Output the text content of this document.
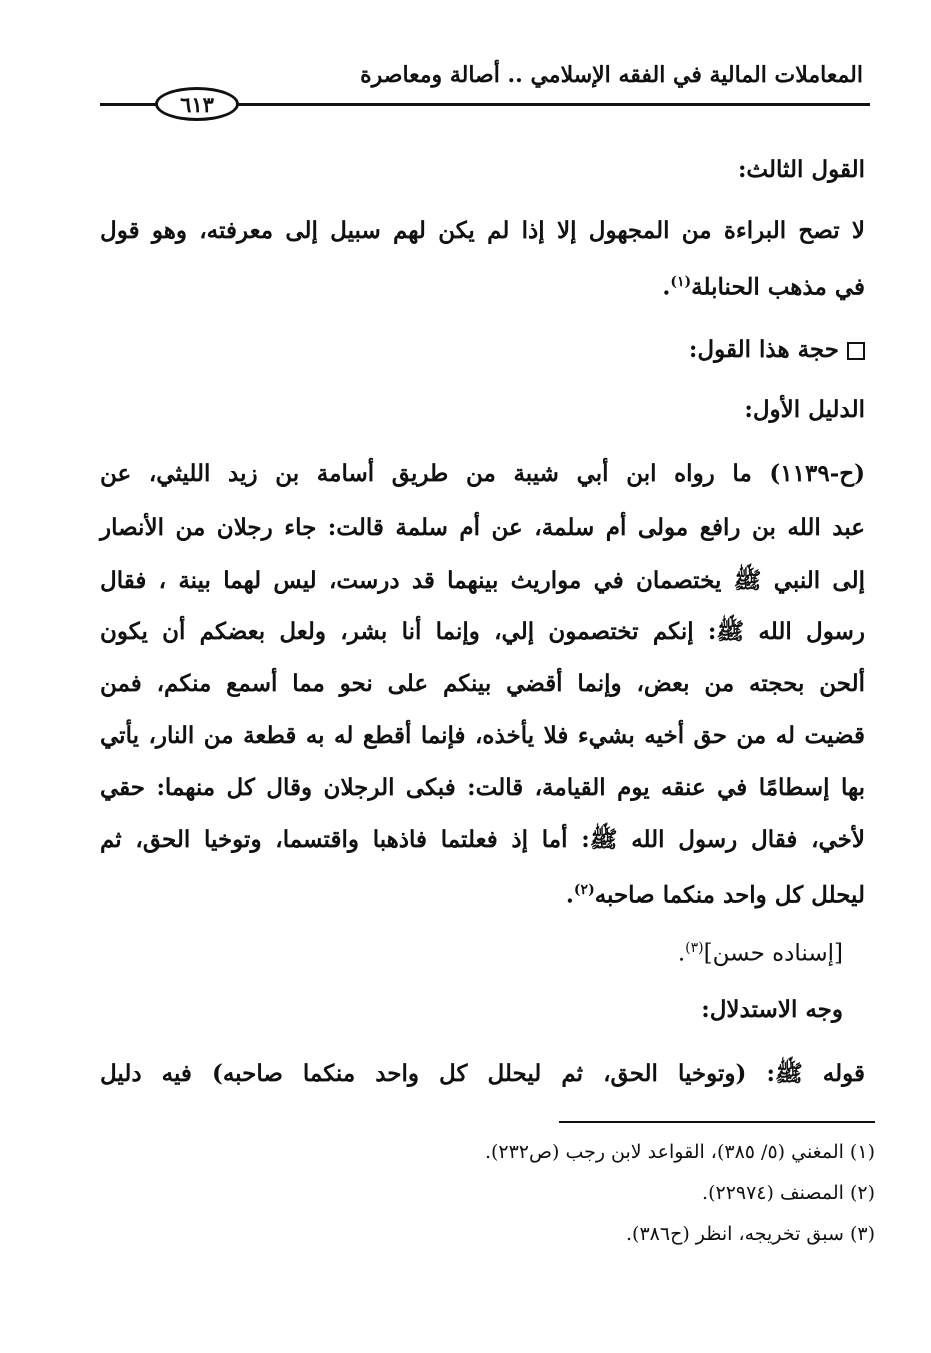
المعاملات المالية في الفقه الإسلامي .. أصالة ومعاصرة
٦١٣
القول الثالث:
لا تصح البراءة من المجهول إلا إذا لم يكن لهم سبيل إلى معرفته، وهو قول
في مذهب الحنابلة$^{(١)}$.
حجة هذا القول:
الدليل الأول:
(ح-١١٣٩) ما رواه ابن أبي شيبة من طريق أسامة بن زيد الليثي، عن
عبد الله بن رافع مولى أم سلمة، عن أم سلمة قالت: جاء رجلان من الأنصار
إلى النبي ﷺ يختصمان في مواريث بينهما قد درست، ليس لهما بينة ، فقال
رسول الله ﷺ: إنكم تختصمون إلي، وإنما أنا بشر، ولعل بعضكم أن يكون
ألحن بحجته من بعض، وإنما أقضي بينكم على نحو مما أسمع منكم، فمن
قضيت له من حق أخيه بشيء فلا يأخذه، فإنما أقطع له به قطعة من النار، يأتي
بها إسطامًا في عنقه يوم القيامة، قالت: فبكى الرجلان وقال كل منهما: حقي
لأخي، فقال رسول الله ﷺ: أما إذ فعلتما فاذهبا واقتسما، وتوخيا الحق، ثم
ليحلل كل واحد منكما صاحبه$^{(٢)}$.
[إسناده حسن]$^{(٣)}$.
وجه الاستدلال:
قوله ﷺ: (وتوخيا الحق، ثم ليحلل كل واحد منكما صاحبه) فيه دليل
(١) المغني (٥/ ٣٨٥)، القواعد لابن رجب (ص٢٣٢).
(٢) المصنف (٢٢٩٧٤).
(٣) سبق تخريجه، انظر (ح٣٨٦).
